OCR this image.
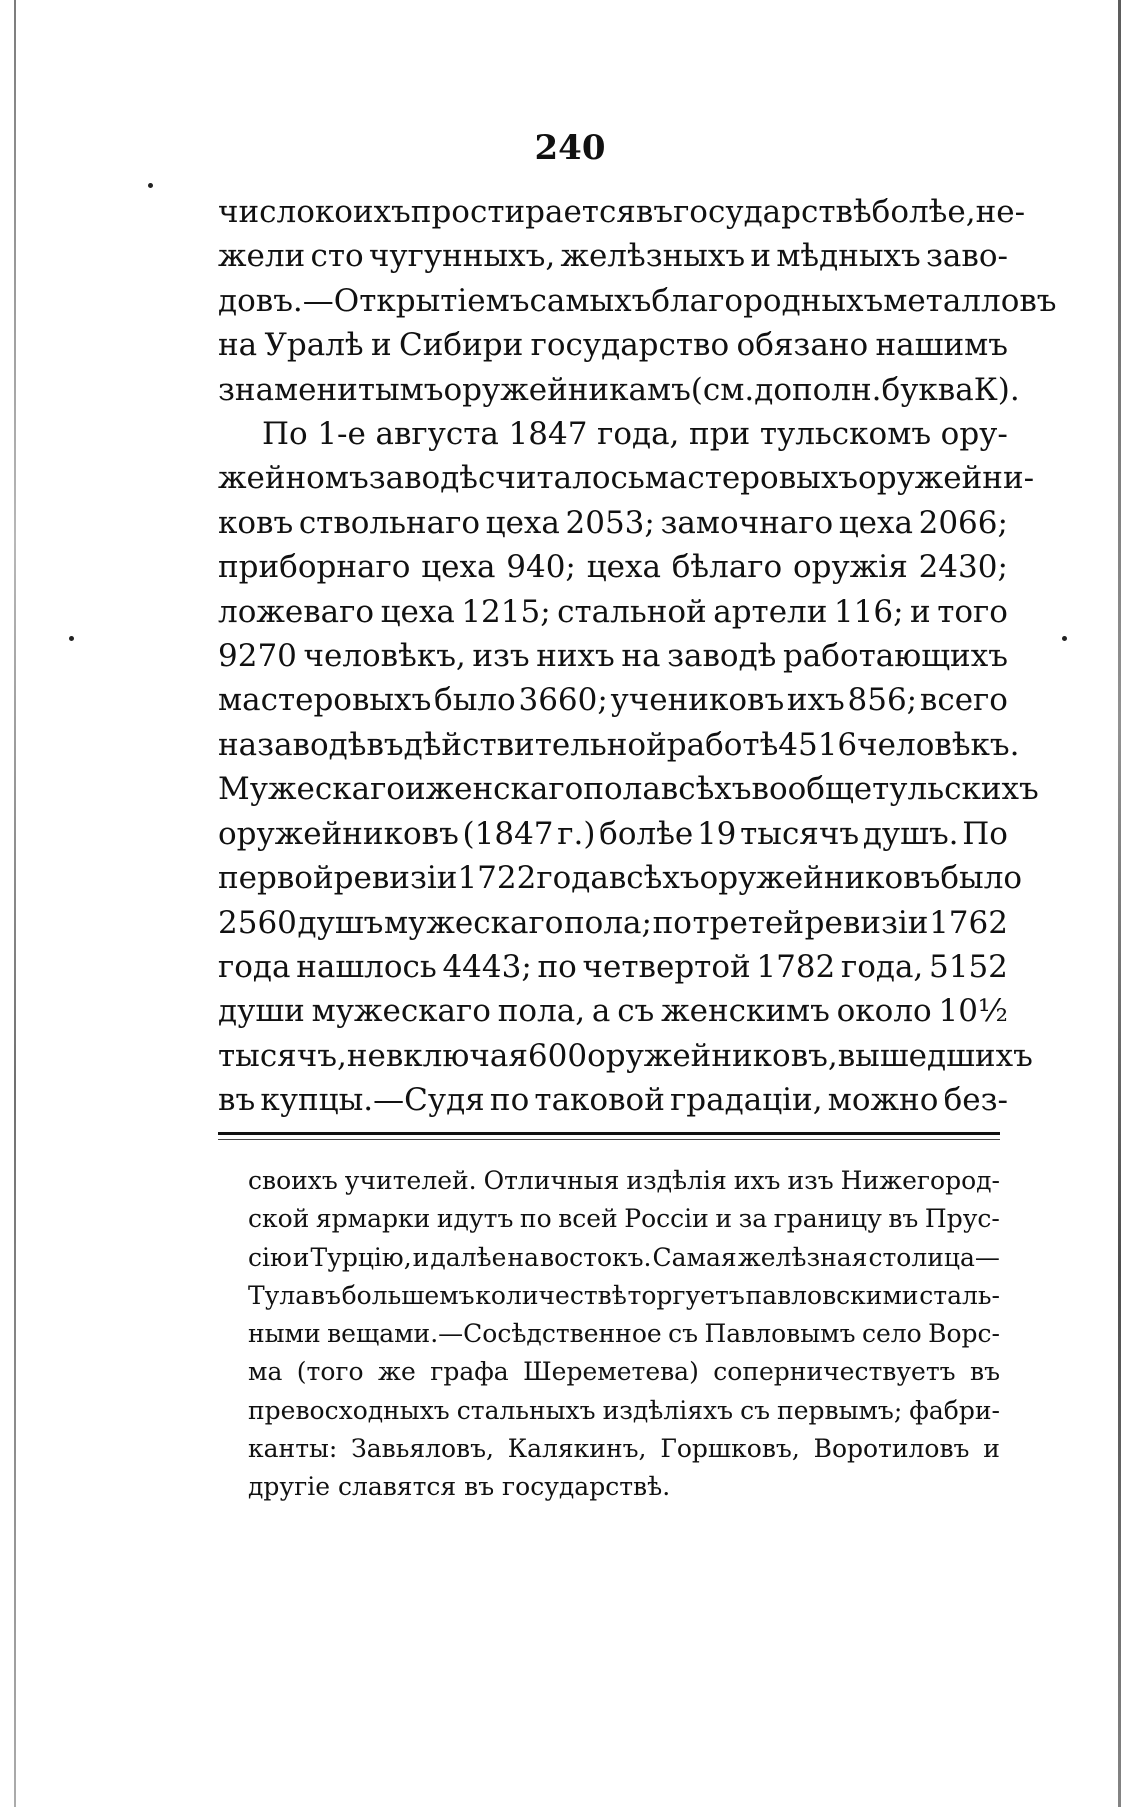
240
число коихъ простирается въ государствѣ болѣе, не-
жели сто чугунныхъ, желѣзныхъ и мѣдныхъ заво-
довъ. — Открытіемъ самыхъ благородныхъ металловъ
на Уралѣ и Сибири государство обязано нашимъ
знаменитымъ оружейникамъ (см. дополн. буква К).
По 1-е августа 1847 года, при тульскомъ ору-
жейномъ заводѣ считалось мастеровыхъ оружейни-
ковъ ствольнаго цеха 2053; замочнаго цеха 2066;
приборнаго цеха 940; цеха бѣлаго оружія 2430;
ложеваго цеха 1215; стальной артели 116; и того
9270 человѣкъ, изъ нихъ на заводѣ работающихъ
мастеровыхъ было 3660; учениковъ ихъ 856; всего
на заводѣ въ дѣйствительной работѣ 4516 человѣкъ.
Мужескаго и женскаго пола всѣхъ вообще тульскихъ
оружейниковъ (1847 г.) болѣе 19 тысячъ душъ. По
первой ревизіи 1722 года всѣхъ оружейниковъ было
2560 душъ мужескаго пола; по третей ревизіи 1762
года нашлось 4443; по четвертой 1782 года, 5152
души мужескаго пола, а съ женскимъ около 10½
тысячъ, не включая 600 оружейниковъ, вышедшихъ
въ купцы.—Судя по таковой градаціи, можно без-
своихъ учителей. Отличныя издѣлія ихъ изъ Нижегород-
ской ярмарки идутъ по всей Россіи и за границу въ Прус-
сію и Турцію, и далѣе на востокъ. Самая желѣзная столица—
Тула въ большемъ количествѣ торгуетъ павловскими сталь-
ными вещами.—Сосѣдственное съ Павловымъ село Ворс-
ма (того же графа Шереметева) соперничествуетъ въ
превосходныхъ стальныхъ издѣліяхъ съ первымъ; фабри-
канты: Завьяловъ, Калякинъ, Горшковъ, Воротиловъ и
другіе славятся въ государствѣ.
